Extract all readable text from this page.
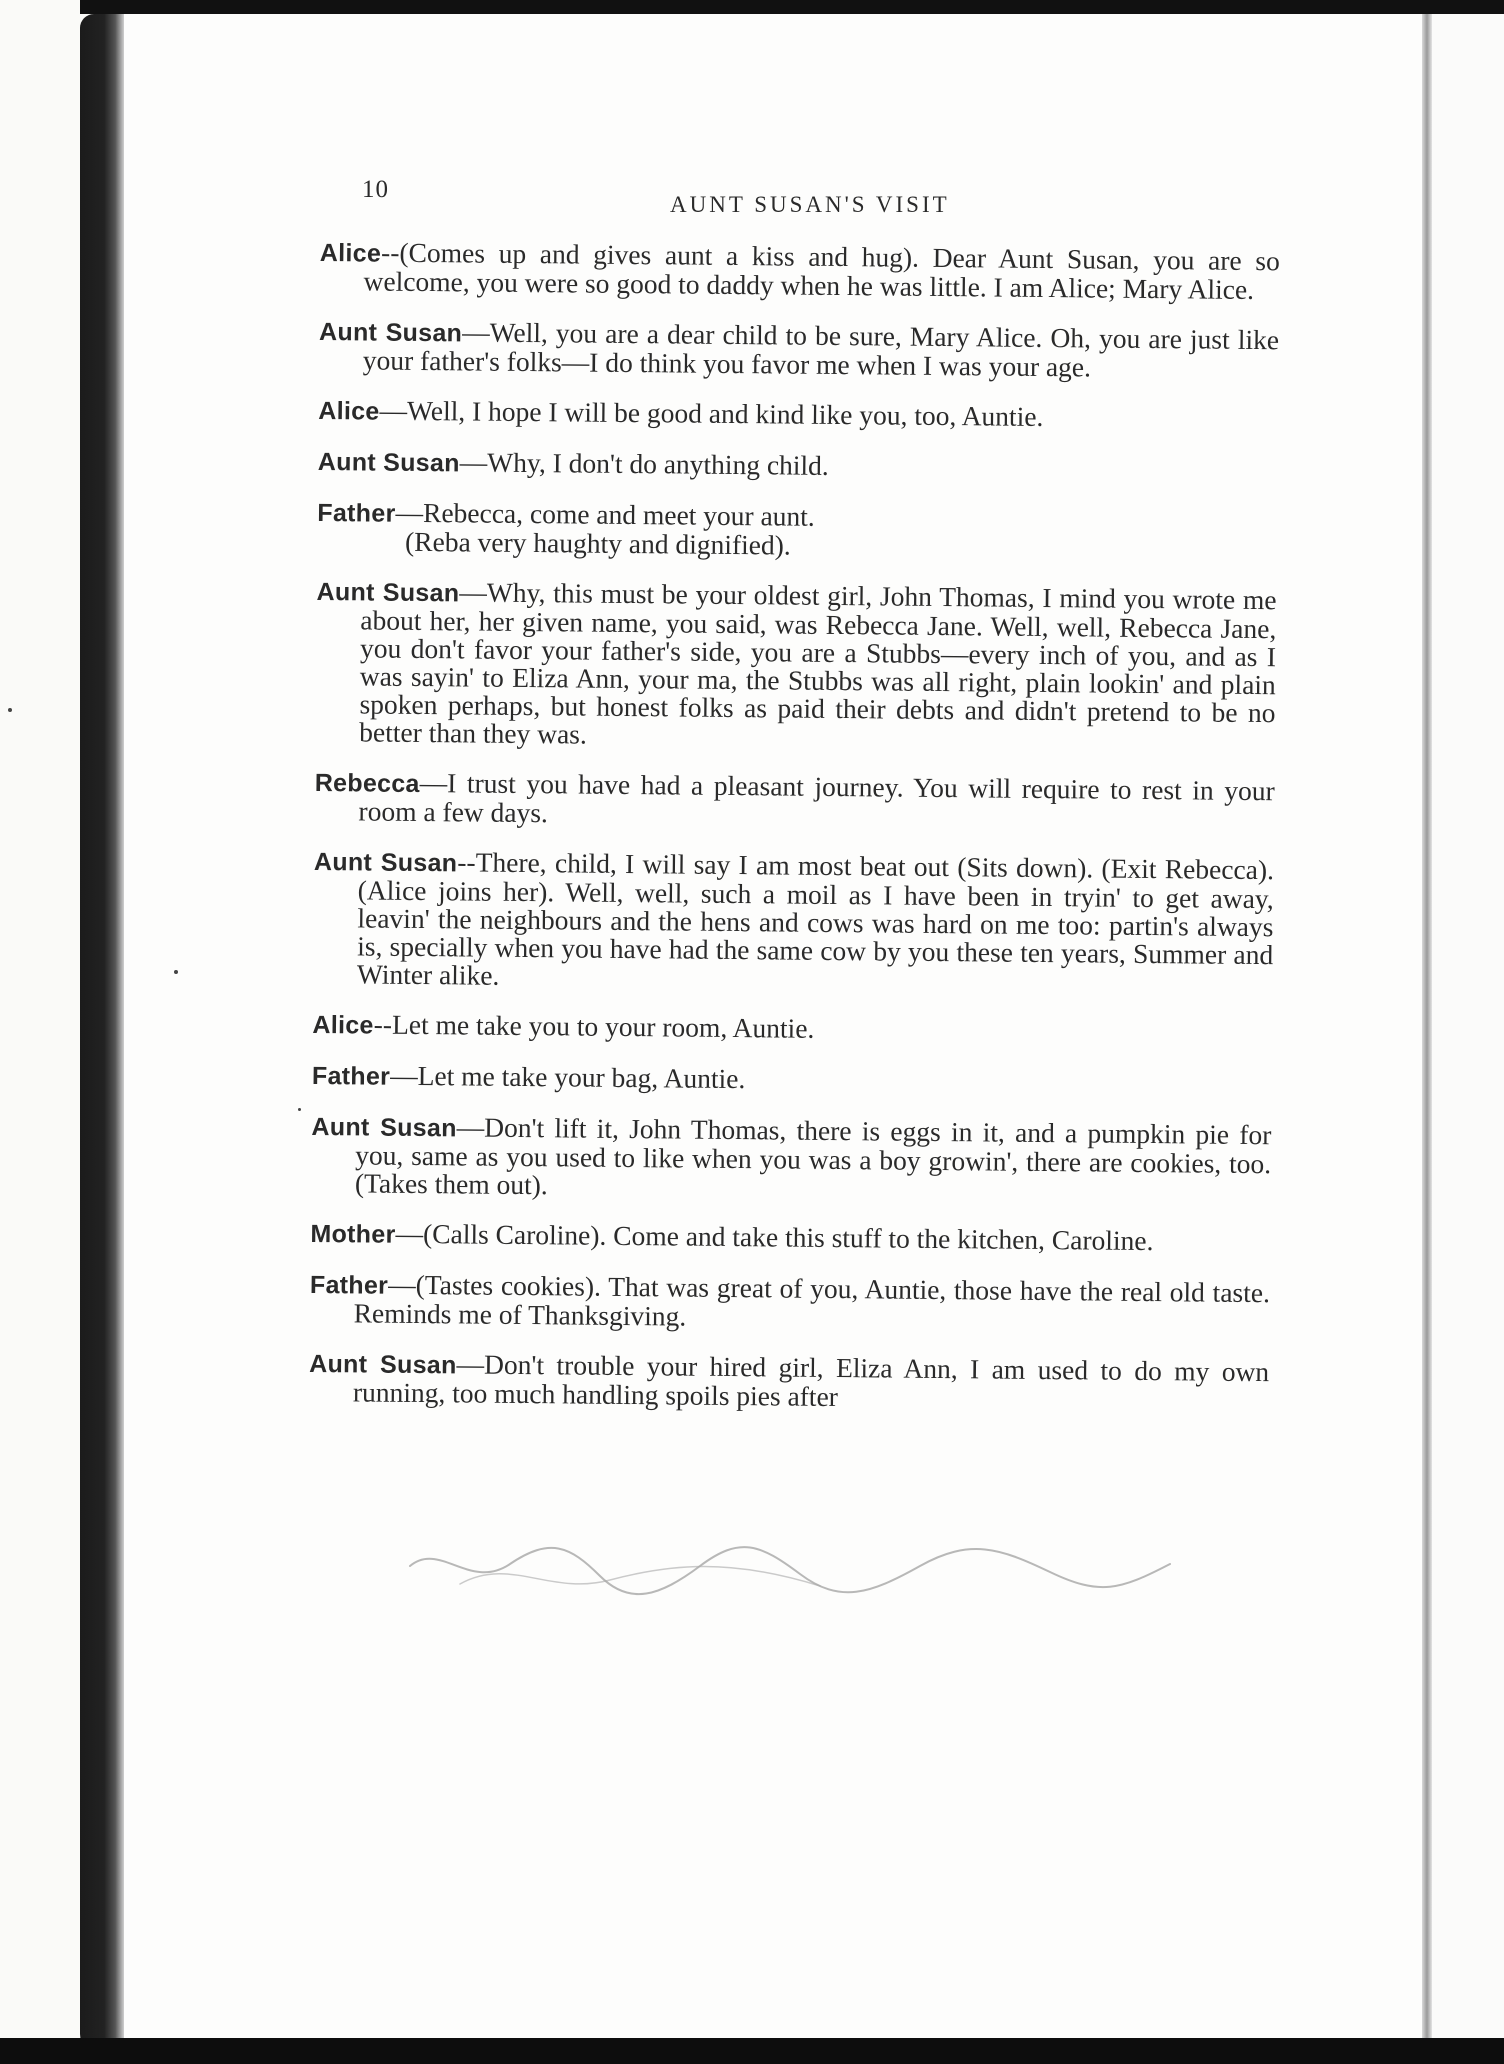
10
AUNT SUSAN'S VISIT

Alice--(Comes up and gives aunt a kiss and hug). Dear Aunt Susan, you are so welcome, you were so good to daddy when he was little. I am Alice; Mary Alice.

Aunt Susan—Well, you are a dear child to be sure, Mary Alice. Oh, you are just like your father's folks—I do think you favor me when I was your age.

Alice—Well, I hope I will be good and kind like you, too, Auntie.

Aunt Susan—Why, I don't do anything child.

Father—Rebecca, come and meet your aunt.
(Reba very haughty and dignified).

Aunt Susan—Why, this must be your oldest girl, John Thomas, I mind you wrote me about her, her given name, you said, was Rebecca Jane. Well, well, Rebecca Jane, you don't favor your father's side, you are a Stubbs—every inch of you, and as I was sayin' to Eliza Ann, your ma, the Stubbs was all right, plain lookin' and plain spoken perhaps, but honest folks as paid their debts and didn't pretend to be no better than they was.

Rebecca—I trust you have had a pleasant journey. You will require to rest in your room a few days.

Aunt Susan--There, child, I will say I am most beat out (Sits down). (Exit Rebecca). (Alice joins her). Well, well, such a moil as I have been in tryin' to get away, leavin' the neighbours and the hens and cows was hard on me too: partin's always is, specially when you have had the same cow by you these ten years, Summer and Winter alike.

Alice--Let me take you to your room, Auntie.

Father—Let me take your bag, Auntie.

Aunt Susan—Don't lift it, John Thomas, there is eggs in it, and a pumpkin pie for you, same as you used to like when you was a boy growin', there are cookies, too. (Takes them out).

Mother—(Calls Caroline). Come and take this stuff to the kitchen, Caroline.

Father—(Tastes cookies). That was great of you, Auntie, those have the real old taste. Reminds me of Thanksgiving.

Aunt Susan—Don't trouble your hired girl, Eliza Ann, I am used to do my own running, too much handling spoils pies after
